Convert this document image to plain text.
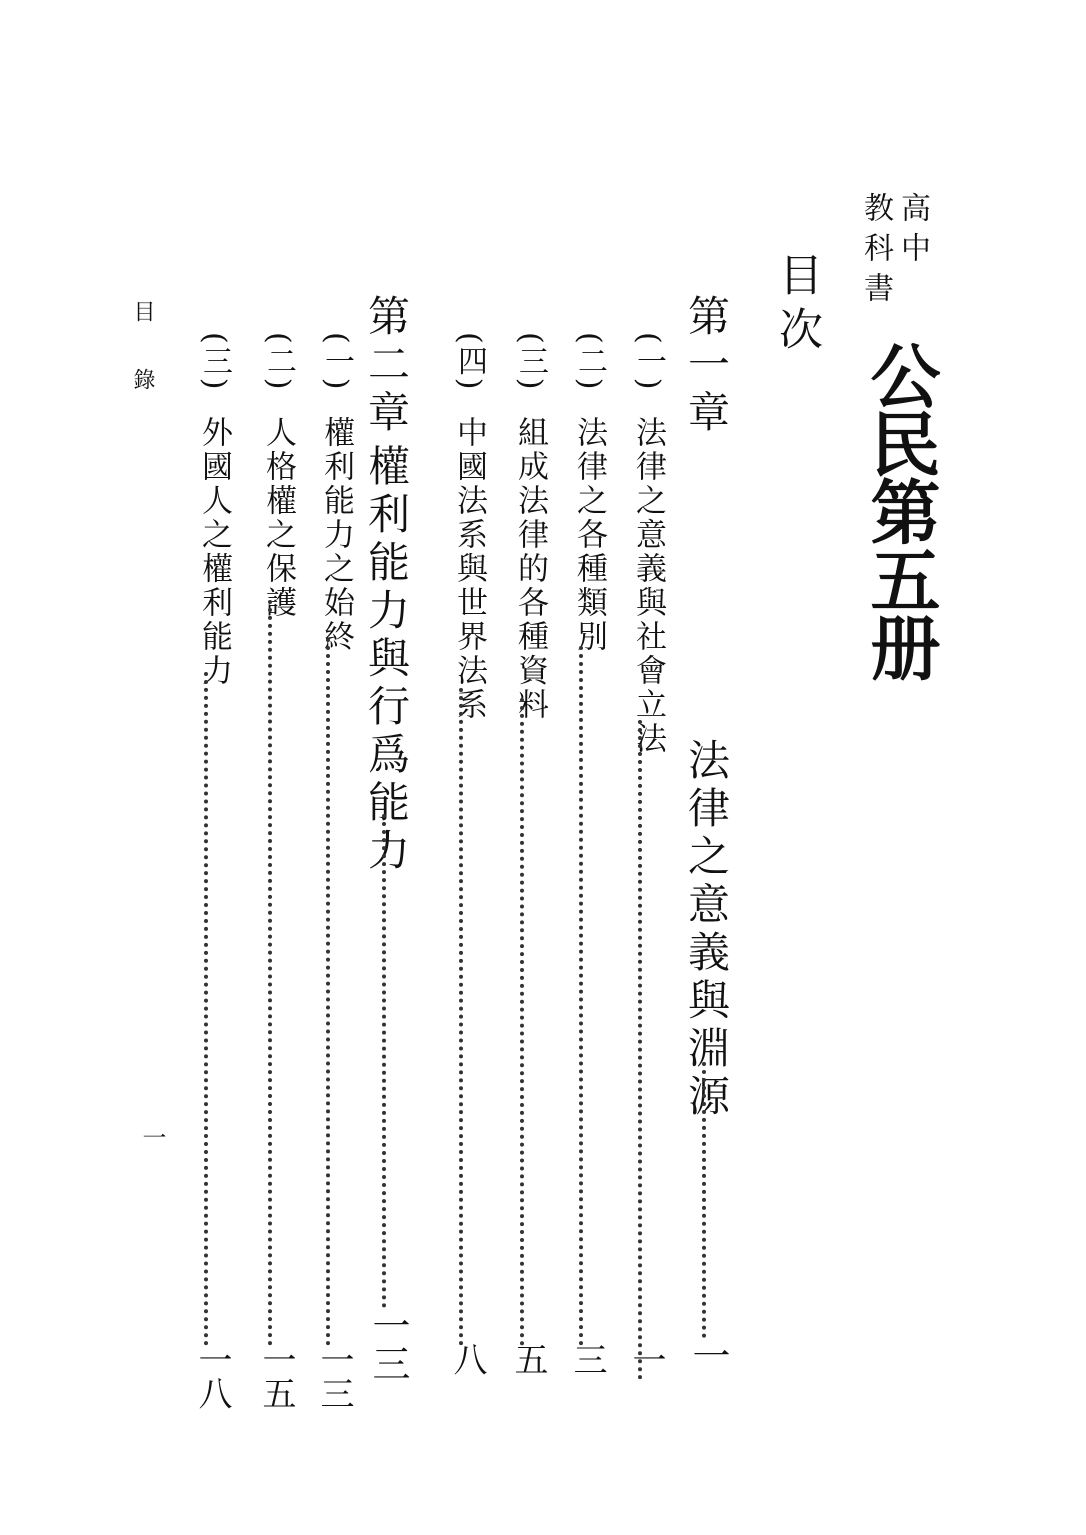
高中
教科書
公民第五册
目次
第一章
法律之意義與淵源
一
(一)
法律之意義與社會立法
一
(二)
法律之各種類別
三
(三)
組成法律的各種資料
五
(四)
中國法系與世界法系
八
第二章
權利能力與行爲能力
一三
(一)
權利能力之始終
一三
(二)
人格權之保護
一五
(三)
外國人之權利能力
一八
目錄
一
